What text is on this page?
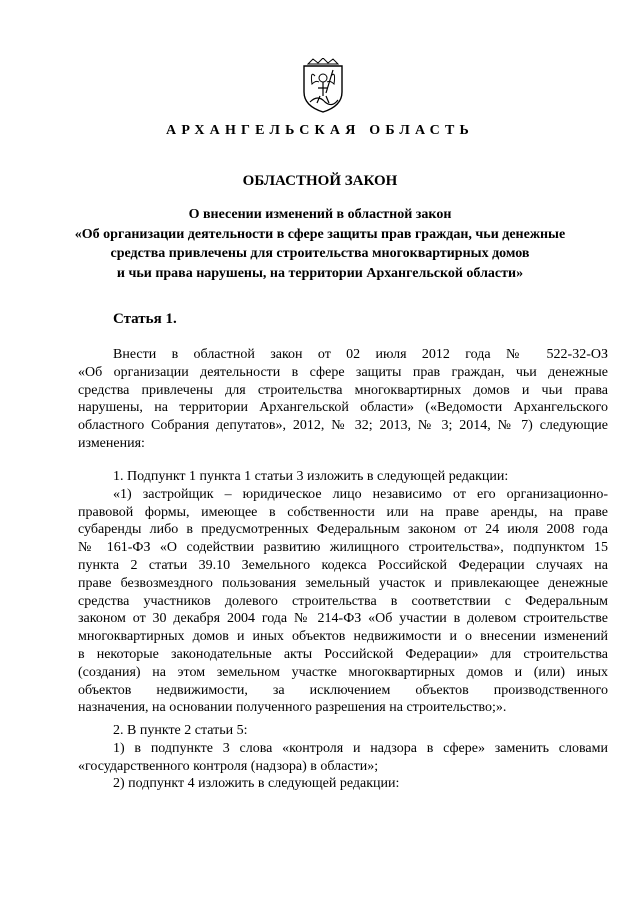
АРХАНГЕЛЬСКАЯ ОБЛАСТЬ
ОБЛАСТНОЙ ЗАКОН
О внесении изменений в областной закон
«Об организации деятельности в сфере защиты прав граждан, чьи денежные
средства привлечены для строительства многоквартирных домов
и чьи права нарушены, на территории Архангельской области»
Статья 1.
Внести в областной закон от 02 июля 2012 года № 522-32-ОЗ
«Об организации деятельности в сфере защиты прав граждан, чьи денежные
средства привлечены для строительства многоквартирных домов и чьи права
нарушены, на территории Архангельской области» («Ведомости Архангельского
областного Собрания депутатов», 2012, № 32; 2013, № 3; 2014, № 7) следующие
изменения:
1. Подпункт 1 пункта 1 статьи 3 изложить в следующей редакции:
«1) застройщик – юридическое лицо независимо от его организационно-
правовой формы, имеющее в собственности или на праве аренды, на праве
субаренды либо в предусмотренных Федеральным законом от 24 июля 2008 года
№ 161-ФЗ «О содействии развитию жилищного строительства», подпунктом 15
пункта 2 статьи 39.10 Земельного кодекса Российской Федерации случаях на
праве безвозмездного пользования земельный участок и привлекающее денежные
средства участников долевого строительства в соответствии с Федеральным
законом от 30 декабря 2004 года № 214-ФЗ «Об участии в долевом строительстве
многоквартирных домов и иных объектов недвижимости и о внесении изменений
в некоторые законодательные акты Российской Федерации» для строительства
(создания) на этом земельном участке многоквартирных домов и (или) иных
объектов недвижимости, за исключением объектов производственного
назначения, на основании полученного разрешения на строительство;».
2. В пункте 2 статьи 5:
1) в подпункте 3 слова «контроля и надзора в сфере» заменить словами
«государственного контроля (надзора) в области»;
2) подпункт 4 изложить в следующей редакции:
